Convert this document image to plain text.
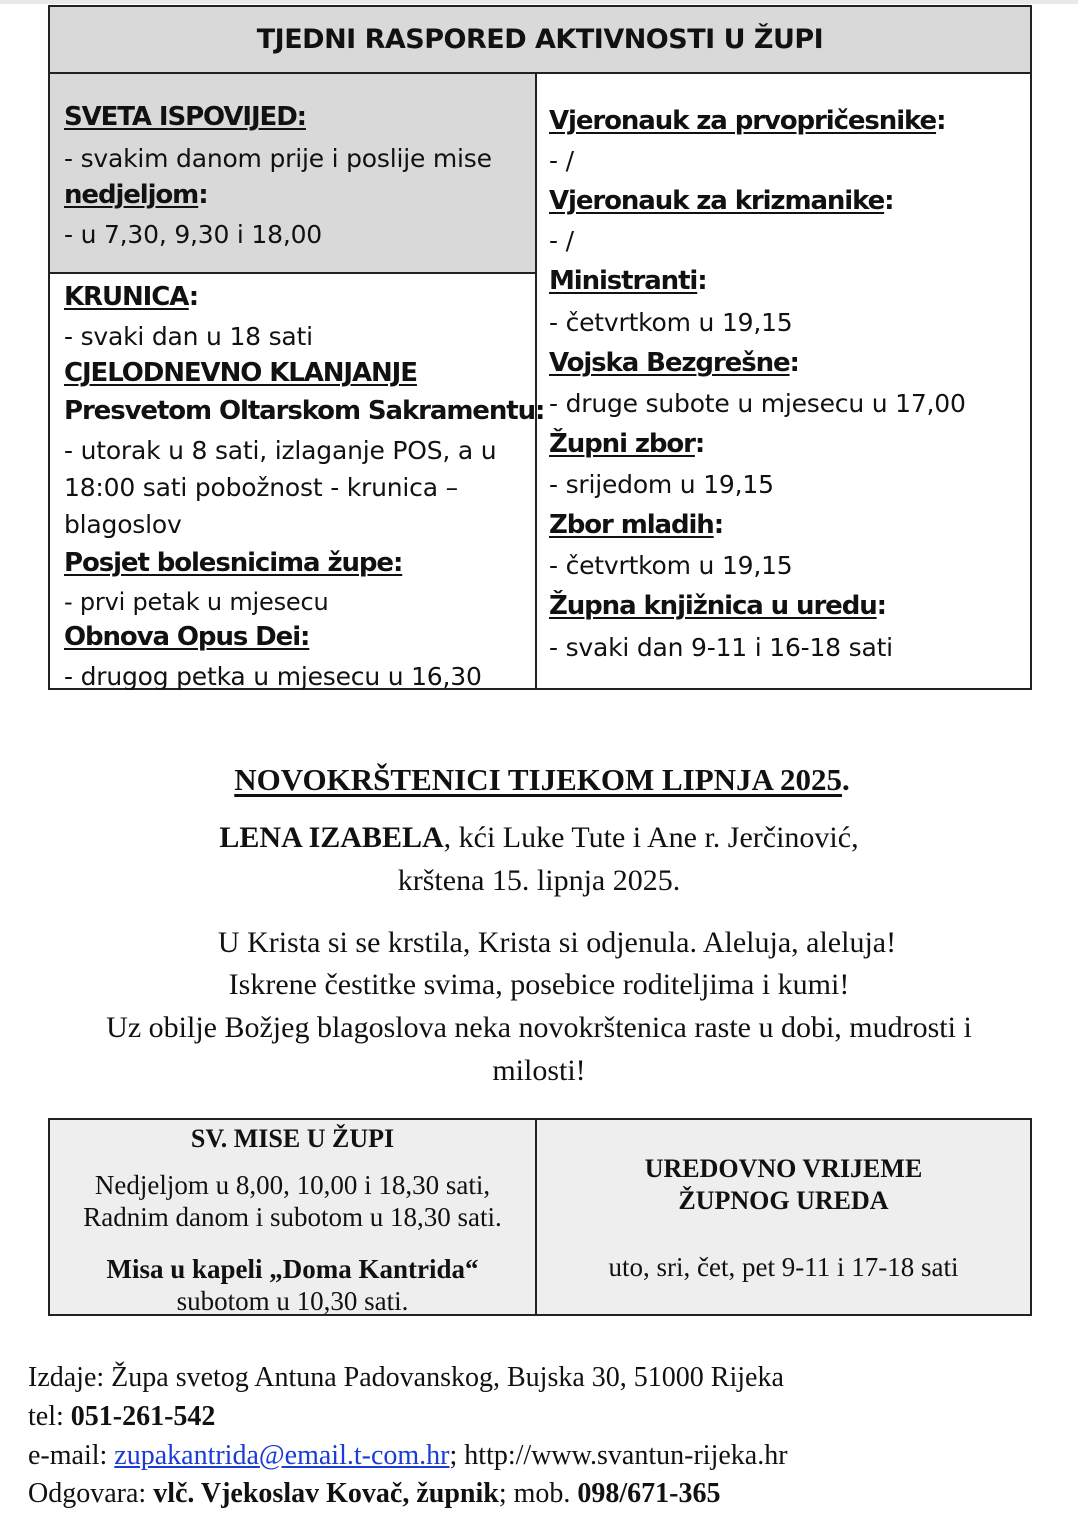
TJEDNI RASPORED AKTIVNOSTI U ŽUPI
SVETA ISPOVIJED:
- svakim danom prije i poslije mise
nedjeljom:
- u 7,30, 9,30 i 18,00
KRUNICA:
- svaki dan u 18 sati
CJELODNEVNO KLANJANJE
Presvetom Oltarskom Sakramentu:
- utorak u 8 sati, izlaganje POS, a u
18:00 sati pobožnost - krunica –
blagoslov
Posjet bolesnicima župe:
- prvi petak u mjesecu
Obnova Opus Dei:
- drugog petka u mjesecu u 16,30
Vjeronauk za prvopričesnike:
- /
Vjeronauk za krizmanike:
- /
Ministranti:
- četvrtkom u 19,15
Vojska Bezgrešne:
- druge subote u mjesecu u 17,00
Župni zbor:
- srijedom u 19,15
Zbor mladih:
- četvrtkom u 19,15
Župna knjižnica u uredu:
- svaki dan 9-11 i 16-18 sati
NOVOKRŠTENICI TIJEKOM LIPNJA 2025.
LENA IZABELA, kći Luke Tute i Ane r. Jerčinović,
krštena 15. lipnja 2025.
U Krista si se krstila, Krista si odjenula. Aleluja, aleluja!
Iskrene čestitke svima, posebice roditeljima i kumi!
Uz obilje Božjeg blagoslova neka novokrštenica raste u dobi, mudrosti i
milosti!
SV. MISE U ŽUPI
Nedjeljom u 8,00, 10,00 i 18,30 sati,
Radnim danom i subotom u 18,30 sati.
Misa u kapeli „Doma Kantrida“
subotom u 10,30 sati.
UREDOVNO VRIJEME
ŽUPNOG UREDA
uto, sri, čet, pet 9-11 i 17-18 sati
Izdaje: Župa svetog Antuna Padovanskog, Bujska 30, 51000 Rijeka
tel: 051-261-542
e-mail: zupakantrida@email.t-com.hr; http://www.svantun-rijeka.hr
Odgovara: vlč. Vjekoslav Kovač, župnik; mob. 098/671-365
